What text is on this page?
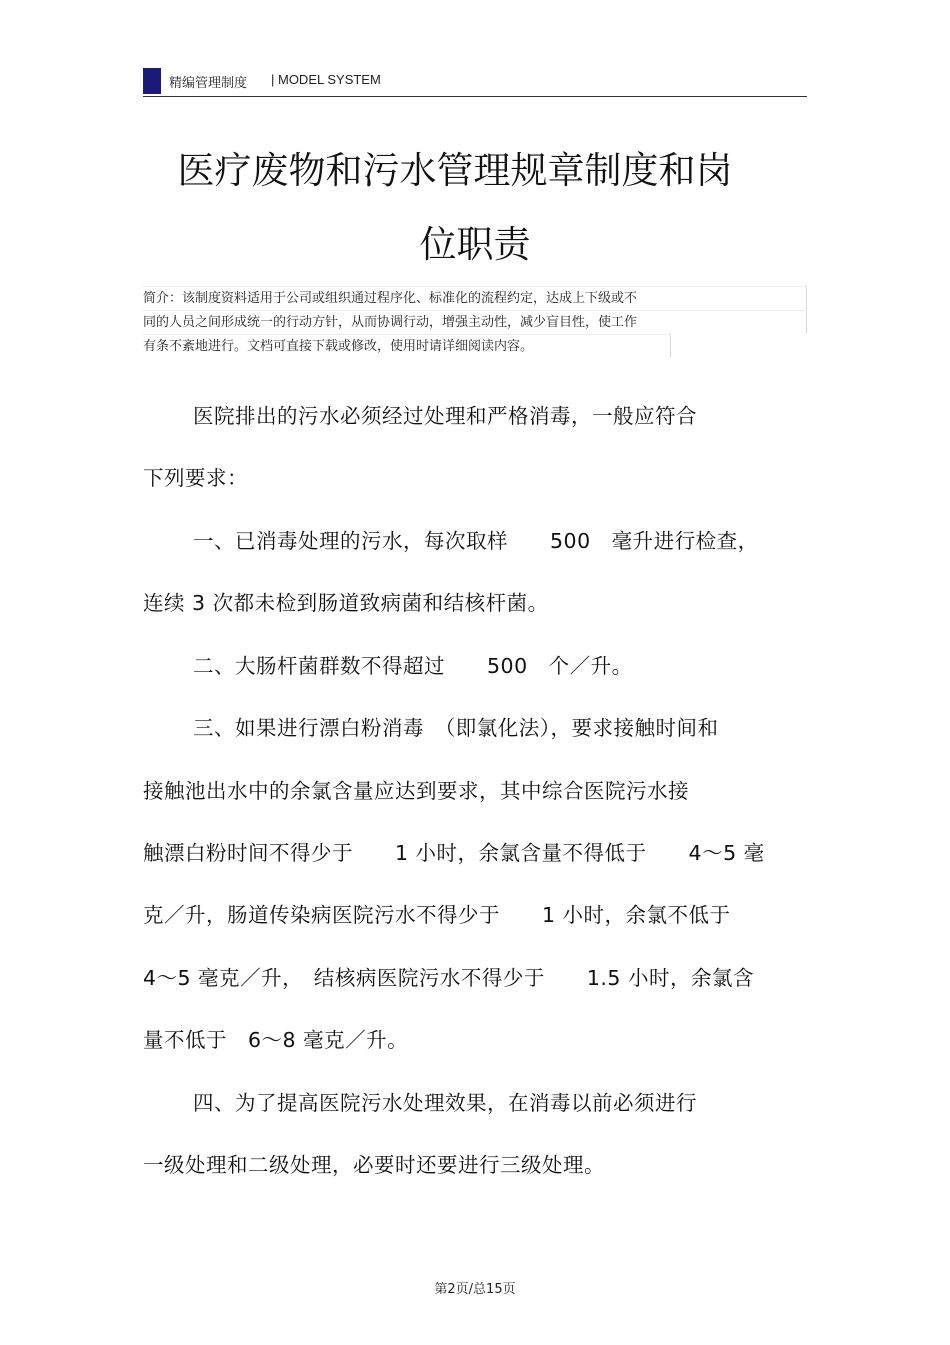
精编管理制度 | MODEL SYSTEM
医疗废物和污水管理规章制度和岗
位职责
简介：该制度资料适用于公司或组织通过程序化、标准化的流程约定，达成上下级或不
同的人员之间形成统一的行动方针，从而协调行动，增强主动性，减少盲目性，使工作
有条不紊地进行。文档可直接下载或修改，使用时请详细阅读内容。
医院排出的污水必须经过处理和严格消毒，一般应符合
下列要求：
一、已消毒处理的污水，每次取样　　500　毫升进行检查，
连续 3 次都未检到肠道致病菌和结核杆菌。
二、大肠杆菌群数不得超过　　500　个／升。
三、如果进行漂白粉消毒　（即氯化法），要求接触时间和
接触池出水中的余氯含量应达到要求，其中综合医院污水接
触漂白粉时间不得少于　　1 小时，余氯含量不得低于　　4～5 毫
克／升，肠道传染病医院污水不得少于　　1 小时，余氯不低于
4～5 毫克／升，　结核病医院污水不得少于　　1.5 小时，余氯含
量不低于　6～8 毫克／升。
四、为了提高医院污水处理效果，在消毒以前必须进行
一级处理和二级处理，必要时还要进行三级处理。
第2页/总15页
